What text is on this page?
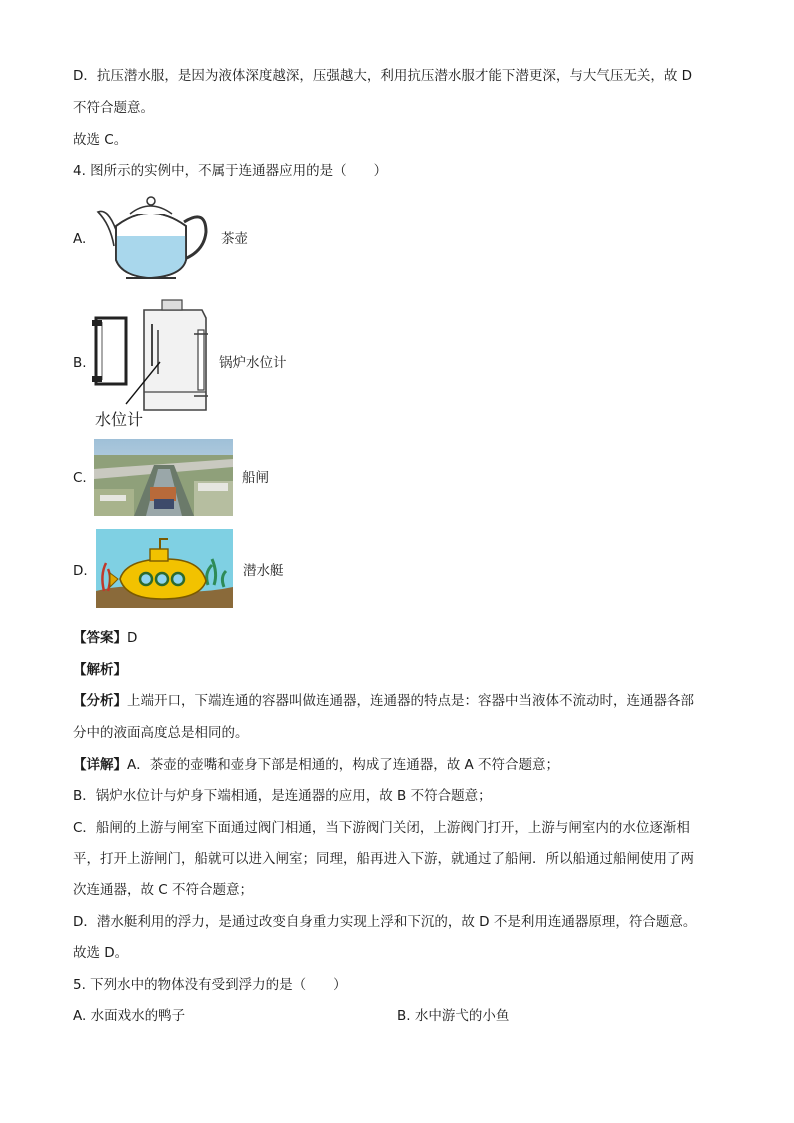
D．抗压潜水服，是因为液体深度越深，压强越大，利用抗压潜水服才能下潜更深，与大气压无关，故 D
不符合题意。
故选 C。
4. 图所示的实例中，不属于连通器应用的是（　　）
A.	茶壶
B.
水位计
锅炉水位计
C.	船闸
D.	潜水艇
【答案】D
【解析】
【分析】上端开口，下端连通的容器叫做连通器，连通器的特点是：容器中当液体不流动时，连通器各部
分中的液面高度总是相同的。
【详解】A．茶壶的壶嘴和壶身下部是相通的，构成了连通器，故 A 不符合题意；
B．锅炉水位计与炉身下端相通，是连通器的应用，故 B 不符合题意；
C．船闸的上游与闸室下面通过阀门相通，当下游阀门关闭，上游阀门打开，上游与闸室内的水位逐渐相
平，打开上游闸门，船就可以进入闸室；同理，船再进入下游，就通过了船闸．所以船通过船闸使用了两
次连通器，故 C 不符合题意；
D．潜水艇利用的浮力，是通过改变自身重力实现上浮和下沉的，故 D 不是利用连通器原理，符合题意。
故选 D。
5. 下列水中的物体没有受到浮力的是（　　）
A. 水面戏水的鸭子	B. 水中游弋的小鱼
